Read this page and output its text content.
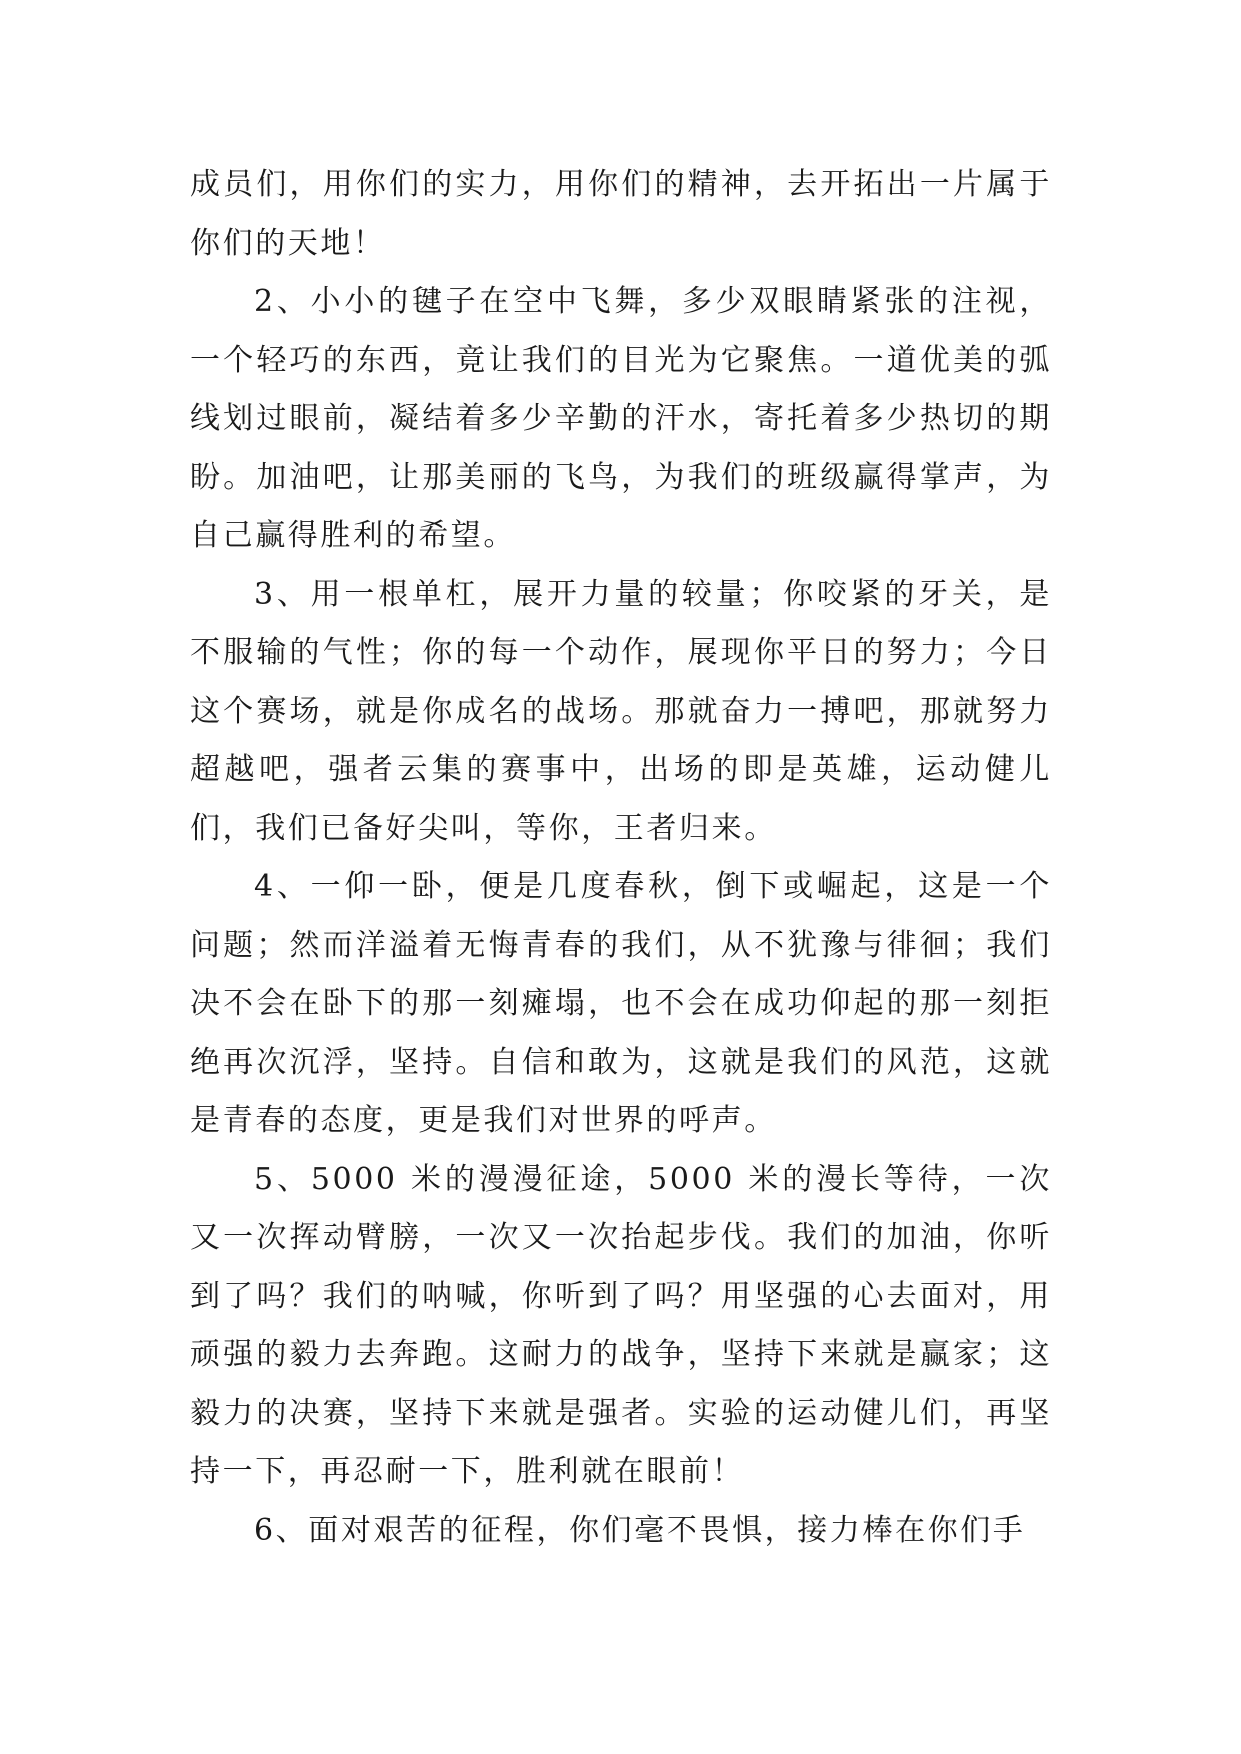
成员们，用你们的实力，用你们的精神，去开拓出一片属于你们的天地！

2、小小的毽子在空中飞舞，多少双眼睛紧张的注视，一个轻巧的东西，竟让我们的目光为它聚焦。一道优美的弧线划过眼前，凝结着多少辛勤的汗水，寄托着多少热切的期盼。加油吧，让那美丽的飞鸟，为我们的班级赢得掌声，为自己赢得胜利的希望。

3、用一根单杠，展开力量的较量；你咬紧的牙关，是不服输的气性；你的每一个动作，展现你平日的努力；今日这个赛场，就是你成名的战场。那就奋力一搏吧，那就努力超越吧，强者云集的赛事中，出场的即是英雄，运动健儿们，我们已备好尖叫，等你，王者归来。

4、一仰一卧，便是几度春秋，倒下或崛起，这是一个问题；然而洋溢着无悔青春的我们，从不犹豫与徘徊；我们决不会在卧下的那一刻瘫塌，也不会在成功仰起的那一刻拒绝再次沉浮，坚持。自信和敢为，这就是我们的风范，这就是青春的态度，更是我们对世界的呼声。

5、5000 米的漫漫征途，5000 米的漫长等待，一次又一次挥动臂膀，一次又一次抬起步伐。我们的加油，你听到了吗？我们的呐喊，你听到了吗？用坚强的心去面对，用顽强的毅力去奔跑。这耐力的战争，坚持下来就是赢家；这毅力的决赛，坚持下来就是强者。实验的运动健儿们，再坚持一下，再忍耐一下，胜利就在眼前！

6、面对艰苦的征程，你们毫不畏惧，接力棒在你们手
